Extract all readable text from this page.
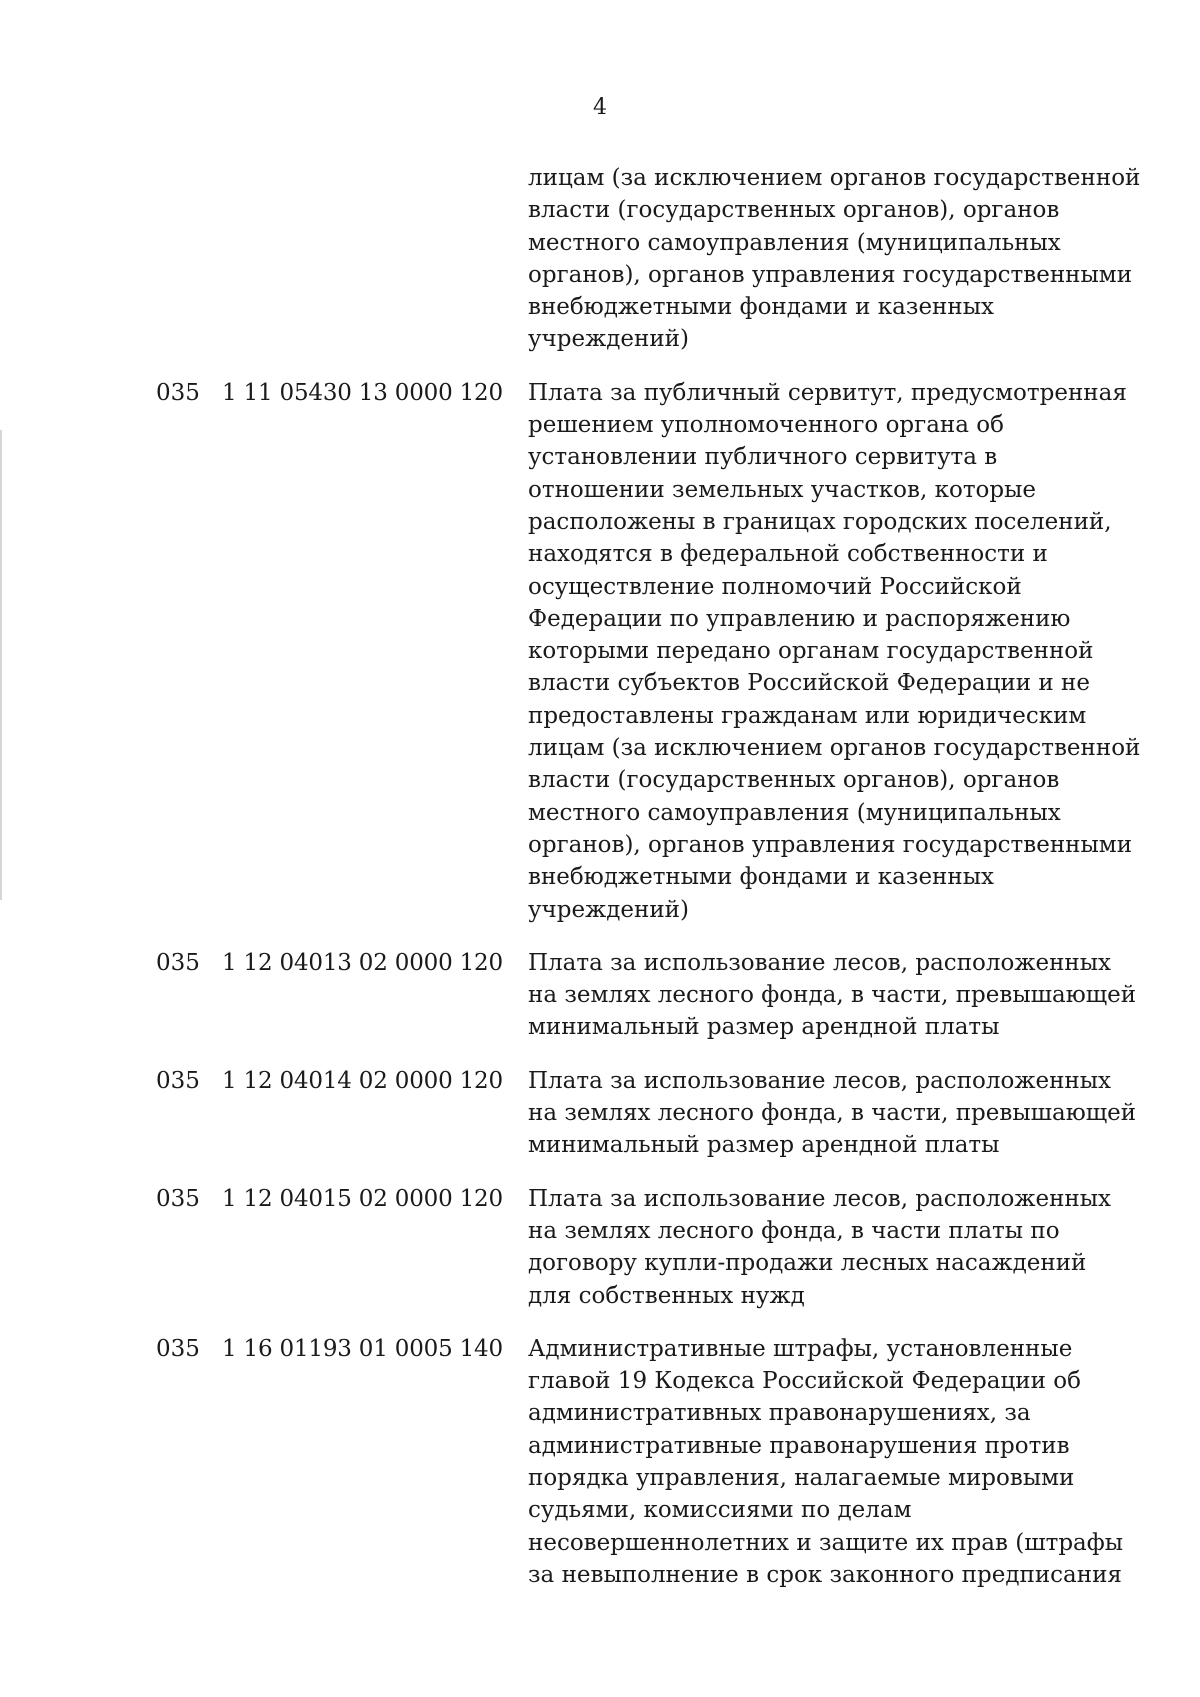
4
лицам (за исключением органов государственной
власти (государственных органов), органов
местного самоуправления (муниципальных
органов), органов управления государственными
внебюджетными фондами и казенных
учреждений)
035 1 11 05430 13 0000 120 Плата за публичный сервитут, предусмотренная
решением уполномоченного органа об
установлении публичного сервитута в
отношении земельных участков, которые
расположены в границах городских поселений,
находятся в федеральной собственности и
осуществление полномочий Российской
Федерации по управлению и распоряжению
которыми передано органам государственной
власти субъектов Российской Федерации и не
предоставлены гражданам или юридическим
лицам (за исключением органов государственной
власти (государственных органов), органов
местного самоуправления (муниципальных
органов), органов управления государственными
внебюджетными фондами и казенных
учреждений)
035 1 12 04013 02 0000 120 Плата за использование лесов, расположенных
на землях лесного фонда, в части, превышающей
минимальный размер арендной платы
035 1 12 04014 02 0000 120 Плата за использование лесов, расположенных
на землях лесного фонда, в части, превышающей
минимальный размер арендной платы
035 1 12 04015 02 0000 120 Плата за использование лесов, расположенных
на землях лесного фонда, в части платы по
договору купли-продажи лесных насаждений
для собственных нужд
035 1 16 01193 01 0005 140 Административные штрафы, установленные
главой 19 Кодекса Российской Федерации об
административных правонарушениях, за
административные правонарушения против
порядка управления, налагаемые мировыми
судьями, комиссиями по делам
несовершеннолетних и защите их прав (штрафы
за невыполнение в срок законного предписания
